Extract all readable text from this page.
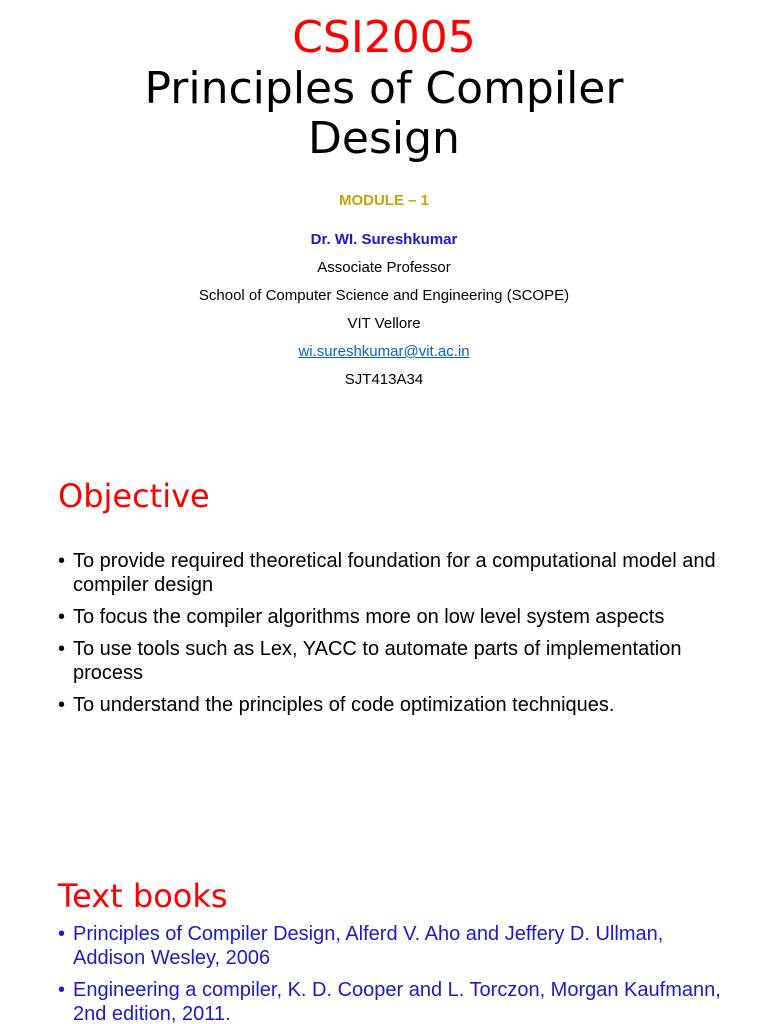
CSI2005
Principles of Compiler Design
MODULE – 1
Dr. WI. Sureshkumar
Associate Professor
School of Computer Science and Engineering (SCOPE)
VIT Vellore
wi.sureshkumar@vit.ac.in
SJT413A34
Objective
• To provide required theoretical foundation for a computational model and compiler design
• To focus the compiler algorithms more on low level system aspects
• To use tools such as Lex, YACC to automate parts of implementation process
• To understand the principles of code optimization techniques.
Text books
• Principles of Compiler Design, Alferd V. Aho and Jeffery D. Ullman, Addison Wesley, 2006
• Engineering a compiler, K. D. Cooper and L. Torczon, Morgan Kaufmann, 2nd edition, 2011.
